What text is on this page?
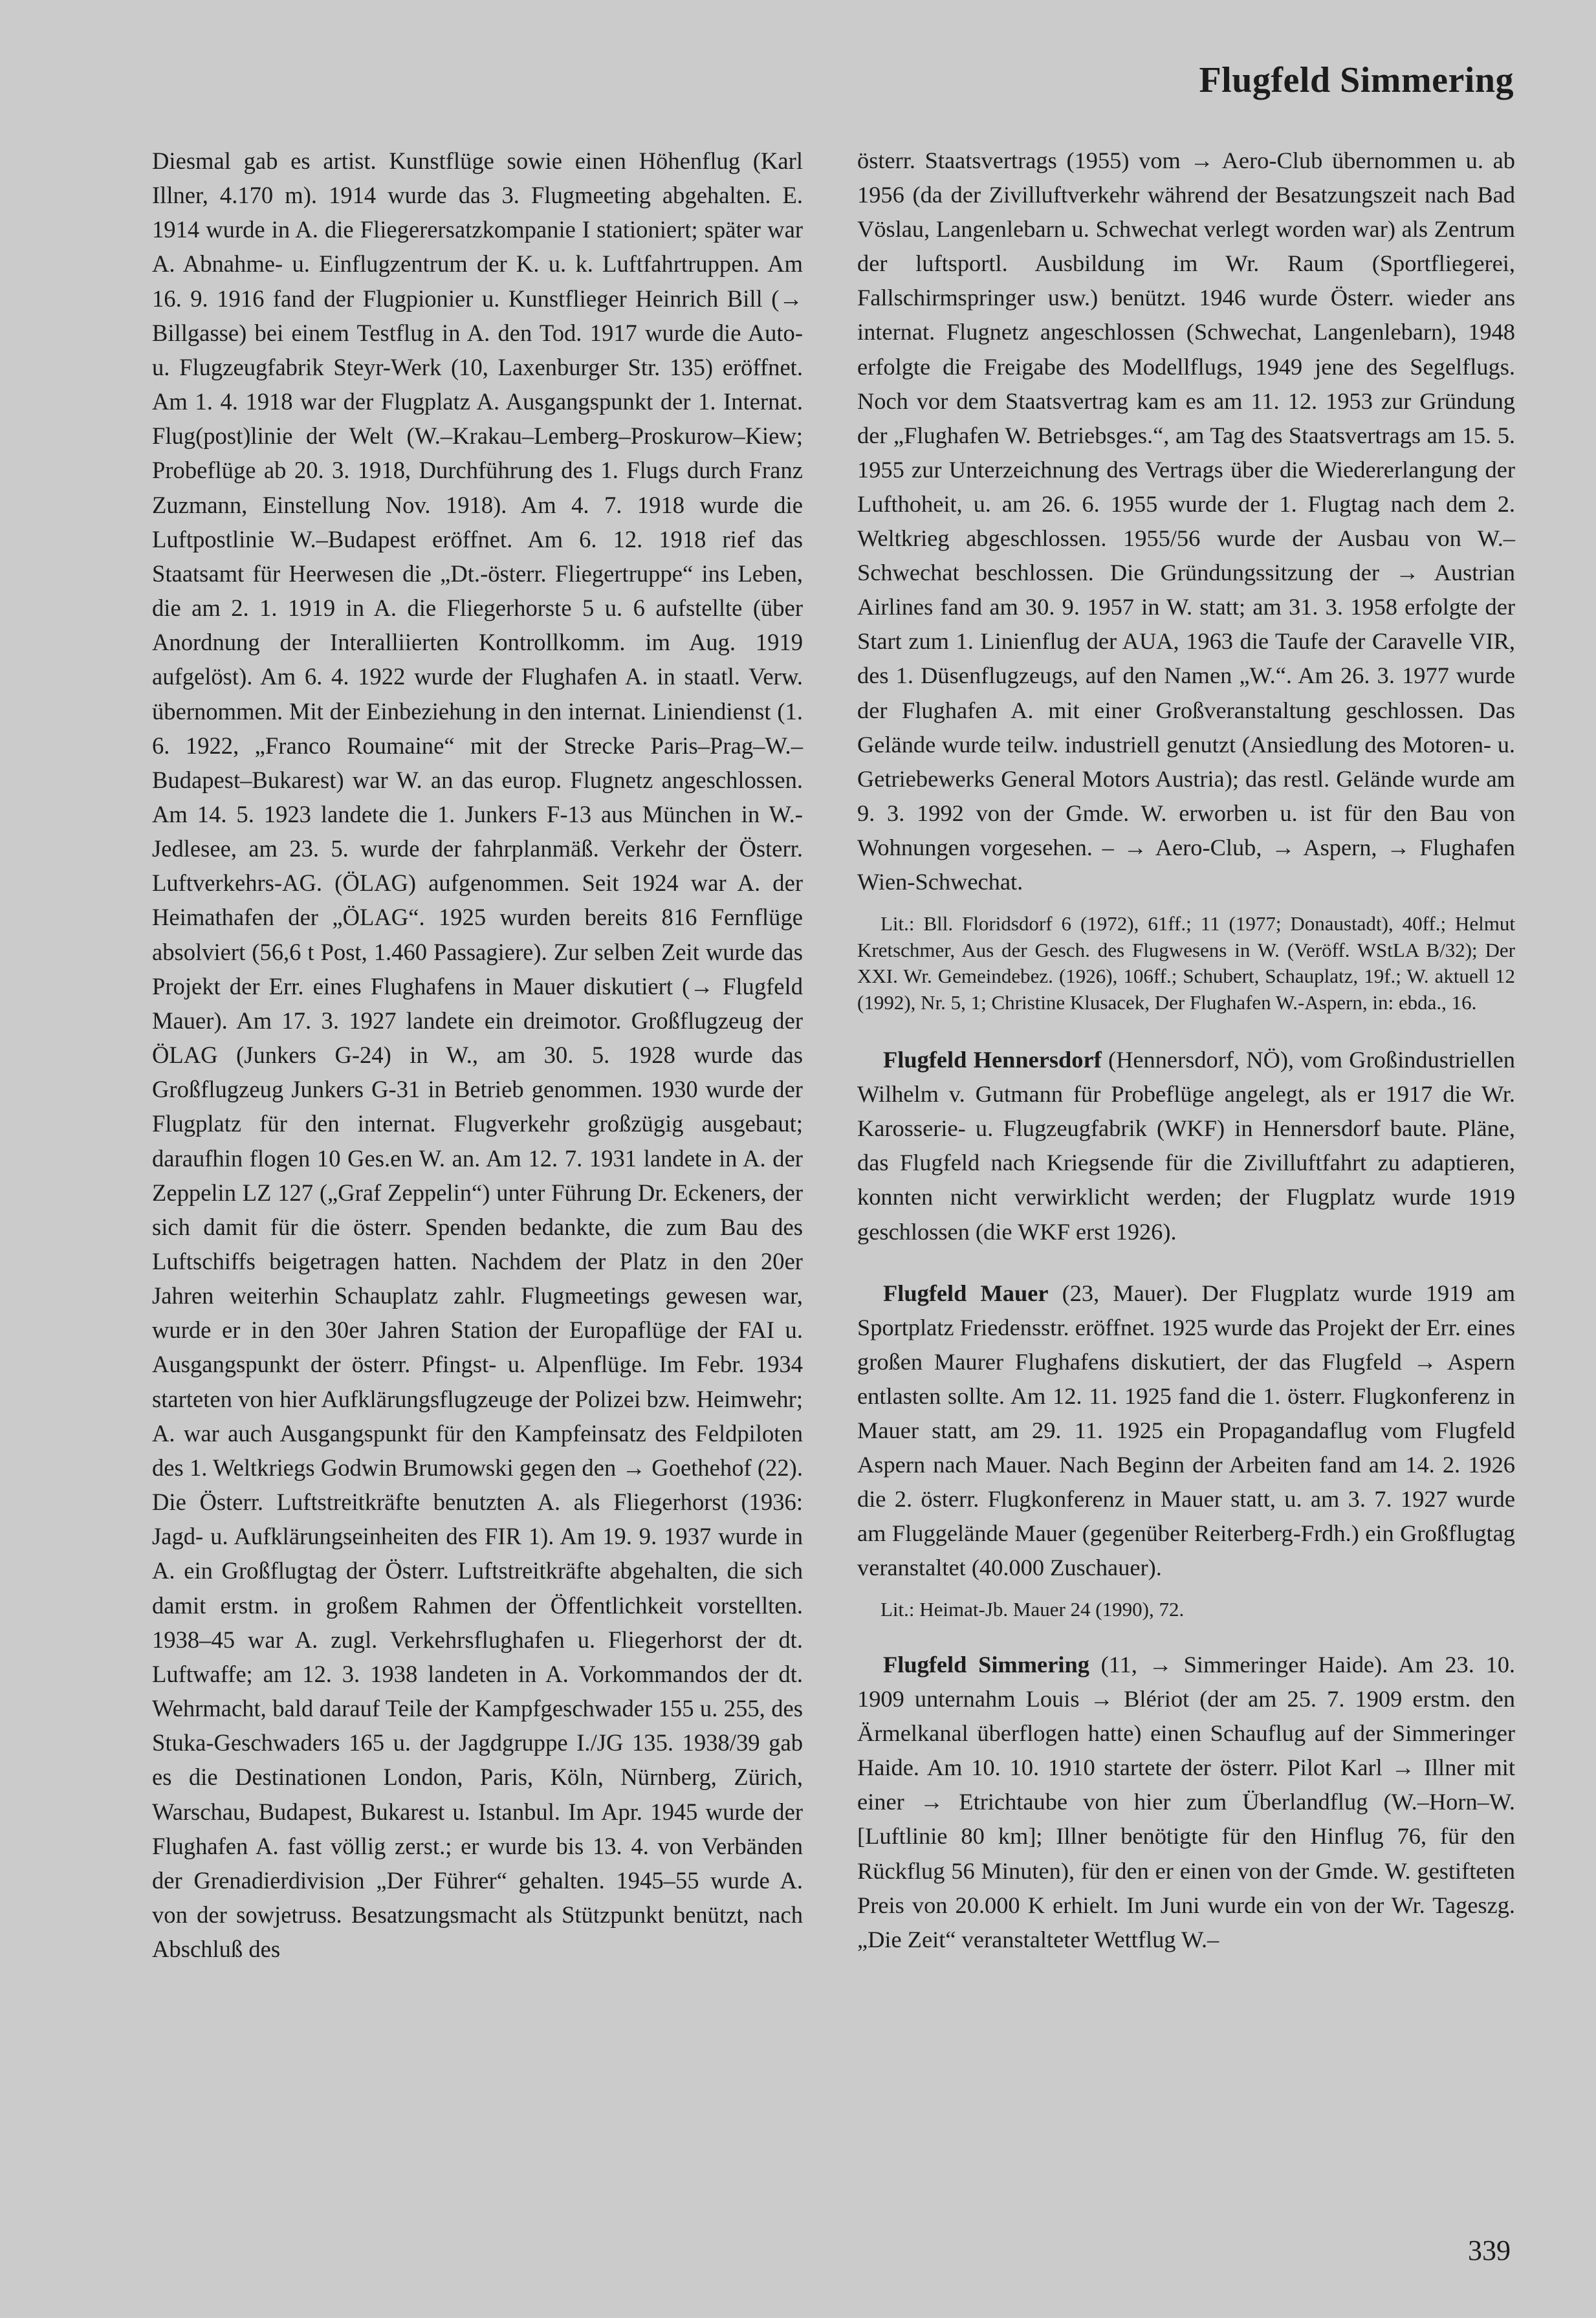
Flugfeld Simmering

Diesmal gab es artist. Kunstflüge sowie einen Höhenflug (Karl Illner, 4.170 m). 1914 wurde das 3. Flugmeeting abgehalten. E. 1914 wurde in A. die Fliegerersatzkompanie I stationiert; später war A. Abnahme- u. Einflugzentrum der K. u. k. Luftfahrtruppen. Am 16. 9. 1916 fand der Flugpionier u. Kunstflieger Heinrich Bill (→ Billgasse) bei einem Testflug in A. den Tod. 1917 wurde die Auto- u. Flugzeugfabrik Steyr-Werk (10, Laxenburger Str. 135) eröffnet. Am 1. 4. 1918 war der Flugplatz A. Ausgangspunkt der 1. Internat. Flug(post)linie der Welt (W.–Krakau–Lemberg–Proskurow–Kiew; Probeflüge ab 20. 3. 1918, Durchführung des 1. Flugs durch Franz Zuzmann, Einstellung Nov. 1918). Am 4. 7. 1918 wurde die Luftpostlinie W.–Budapest eröffnet. Am 6. 12. 1918 rief das Staatsamt für Heerwesen die „Dt.-österr. Fliegertruppe“ ins Leben, die am 2. 1. 1919 in A. die Fliegerhorste 5 u. 6 aufstellte (über Anordnung der Interalliierten Kontrollkomm. im Aug. 1919 aufgelöst). Am 6. 4. 1922 wurde der Flughafen A. in staatl. Verw. übernommen. Mit der Einbeziehung in den internat. Liniendienst (1. 6. 1922, „Franco Roumaine“ mit der Strecke Paris–Prag–W.–Budapest–Bukarest) war W. an das europ. Flugnetz angeschlossen. Am 14. 5. 1923 landete die 1. Junkers F-13 aus München in W.-Jedlesee, am 23. 5. wurde der fahrplanmäß. Verkehr der Österr. Luftverkehrs-AG. (ÖLAG) aufgenommen. Seit 1924 war A. der Heimathafen der „ÖLAG“. 1925 wurden bereits 816 Fernflüge absolviert (56,6 t Post, 1.460 Passagiere). Zur selben Zeit wurde das Projekt der Err. eines Flughafens in Mauer diskutiert (→ Flugfeld Mauer). Am 17. 3. 1927 landete ein dreimotor. Großflugzeug der ÖLAG (Junkers G-24) in W., am 30. 5. 1928 wurde das Großflugzeug Junkers G-31 in Betrieb genommen. 1930 wurde der Flugplatz für den internat. Flugverkehr großzügig ausgebaut; daraufhin flogen 10 Ges.en W. an. Am 12. 7. 1931 landete in A. der Zeppelin LZ 127 („Graf Zeppelin“) unter Führung Dr. Eckeners, der sich damit für die österr. Spenden bedankte, die zum Bau des Luftschiffs beigetragen hatten. Nachdem der Platz in den 20er Jahren weiterhin Schauplatz zahlr. Flugmeetings gewesen war, wurde er in den 30er Jahren Station der Europaflüge der FAI u. Ausgangspunkt der österr. Pfingst- u. Alpenflüge. Im Febr. 1934 starteten von hier Aufklärungsflugzeuge der Polizei bzw. Heimwehr; A. war auch Ausgangspunkt für den Kampfeinsatz des Feldpiloten des 1. Weltkriegs Godwin Brumowski gegen den → Goethehof (22). Die Österr. Luftstreitkräfte benutzten A. als Fliegerhorst (1936: Jagd- u. Aufklärungseinheiten des FIR 1). Am 19. 9. 1937 wurde in A. ein Großflugtag der Österr. Luftstreitkräfte abgehalten, die sich damit erstm. in großem Rahmen der Öffentlichkeit vorstellten. 1938–45 war A. zugl. Verkehrsflughafen u. Fliegerhorst der dt. Luftwaffe; am 12. 3. 1938 landeten in A. Vorkommandos der dt. Wehrmacht, bald darauf Teile der Kampfgeschwader 155 u. 255, des Stuka-Geschwaders 165 u. der Jagdgruppe I./JG 135. 1938/39 gab es die Destinationen London, Paris, Köln, Nürnberg, Zürich, Warschau, Budapest, Bukarest u. Istanbul. Im Apr. 1945 wurde der Flughafen A. fast völlig zerst.; er wurde bis 13. 4. von Verbänden der Grenadierdivision „Der Führer“ gehalten. 1945–55 wurde A. von der sowjetruss. Besatzungsmacht als Stützpunkt benützt, nach Abschluß des

österr. Staatsvertrags (1955) vom → Aero-Club übernommen u. ab 1956 (da der Zivilluftverkehr während der Besatzungszeit nach Bad Vöslau, Langenlebarn u. Schwechat verlegt worden war) als Zentrum der luftsportl. Ausbildung im Wr. Raum (Sportfliegerei, Fallschirmspringer usw.) benützt. 1946 wurde Österr. wieder ans internat. Flugnetz angeschlossen (Schwechat, Langenlebarn), 1948 erfolgte die Freigabe des Modellflugs, 1949 jene des Segelflugs. Noch vor dem Staatsvertrag kam es am 11. 12. 1953 zur Gründung der „Flughafen W. Betriebsges.“, am Tag des Staatsvertrags am 15. 5. 1955 zur Unterzeichnung des Vertrags über die Wiedererlangung der Lufthoheit, u. am 26. 6. 1955 wurde der 1. Flugtag nach dem 2. Weltkrieg abgeschlossen. 1955/56 wurde der Ausbau von W.–Schwechat beschlossen. Die Gründungssitzung der → Austrian Airlines fand am 30. 9. 1957 in W. statt; am 31. 3. 1958 erfolgte der Start zum 1. Linienflug der AUA, 1963 die Taufe der Caravelle VIR, des 1. Düsenflugzeugs, auf den Namen „W.“. Am 26. 3. 1977 wurde der Flughafen A. mit einer Großveranstaltung geschlossen. Das Gelände wurde teilw. industriell genutzt (Ansiedlung des Motoren- u. Getriebewerks General Motors Austria); das restl. Gelände wurde am 9. 3. 1992 von der Gmde. W. erworben u. ist für den Bau von Wohnungen vorgesehen. – → Aero-Club, → Aspern, → Flughafen Wien-Schwechat.

Lit.: Bll. Floridsdorf 6 (1972), 61ff.; 11 (1977; Donaustadt), 40ff.; Helmut Kretschmer, Aus der Gesch. des Flugwesens in W. (Veröff. WStLA B/32); Der XXI. Wr. Gemeindebez. (1926), 106ff.; Schubert, Schauplatz, 19f.; W. aktuell 12 (1992), Nr. 5, 1; Christine Klusacek, Der Flughafen W.-Aspern, in: ebda., 16.

Flugfeld Hennersdorf (Hennersdorf, NÖ), vom Großindustriellen Wilhelm v. Gutmann für Probeflüge angelegt, als er 1917 die Wr. Karosserie- u. Flugzeugfabrik (WKF) in Hennersdorf baute. Pläne, das Flugfeld nach Kriegsende für die Zivilluftfahrt zu adaptieren, konnten nicht verwirklicht werden; der Flugplatz wurde 1919 geschlossen (die WKF erst 1926).

Flugfeld Mauer (23, Mauer). Der Flugplatz wurde 1919 am Sportplatz Friedensstr. eröffnet. 1925 wurde das Projekt der Err. eines großen Maurer Flughafens diskutiert, der das Flugfeld → Aspern entlasten sollte. Am 12. 11. 1925 fand die 1. österr. Flugkonferenz in Mauer statt, am 29. 11. 1925 ein Propagandaflug vom Flugfeld Aspern nach Mauer. Nach Beginn der Arbeiten fand am 14. 2. 1926 die 2. österr. Flugkonferenz in Mauer statt, u. am 3. 7. 1927 wurde am Fluggelände Mauer (gegenüber Reiterberg-Frdh.) ein Großflugtag veranstaltet (40.000 Zuschauer).

Lit.: Heimat-Jb. Mauer 24 (1990), 72.

Flugfeld Simmering (11, → Simmeringer Haide). Am 23. 10. 1909 unternahm Louis → Blériot (der am 25. 7. 1909 erstm. den Ärmelkanal überflogen hatte) einen Schauflug auf der Simmeringer Haide. Am 10. 10. 1910 startete der österr. Pilot Karl → Illner mit einer → Etrichtaube von hier zum Überlandflug (W.–Horn–W. [Luftlinie 80 km]; Illner benötigte für den Hinflug 76, für den Rückflug 56 Minuten), für den er einen von der Gmde. W. gestifteten Preis von 20.000 K erhielt. Im Juni wurde ein von der Wr. Tageszg. „Die Zeit“ veranstalteter Wettflug W.–

339
